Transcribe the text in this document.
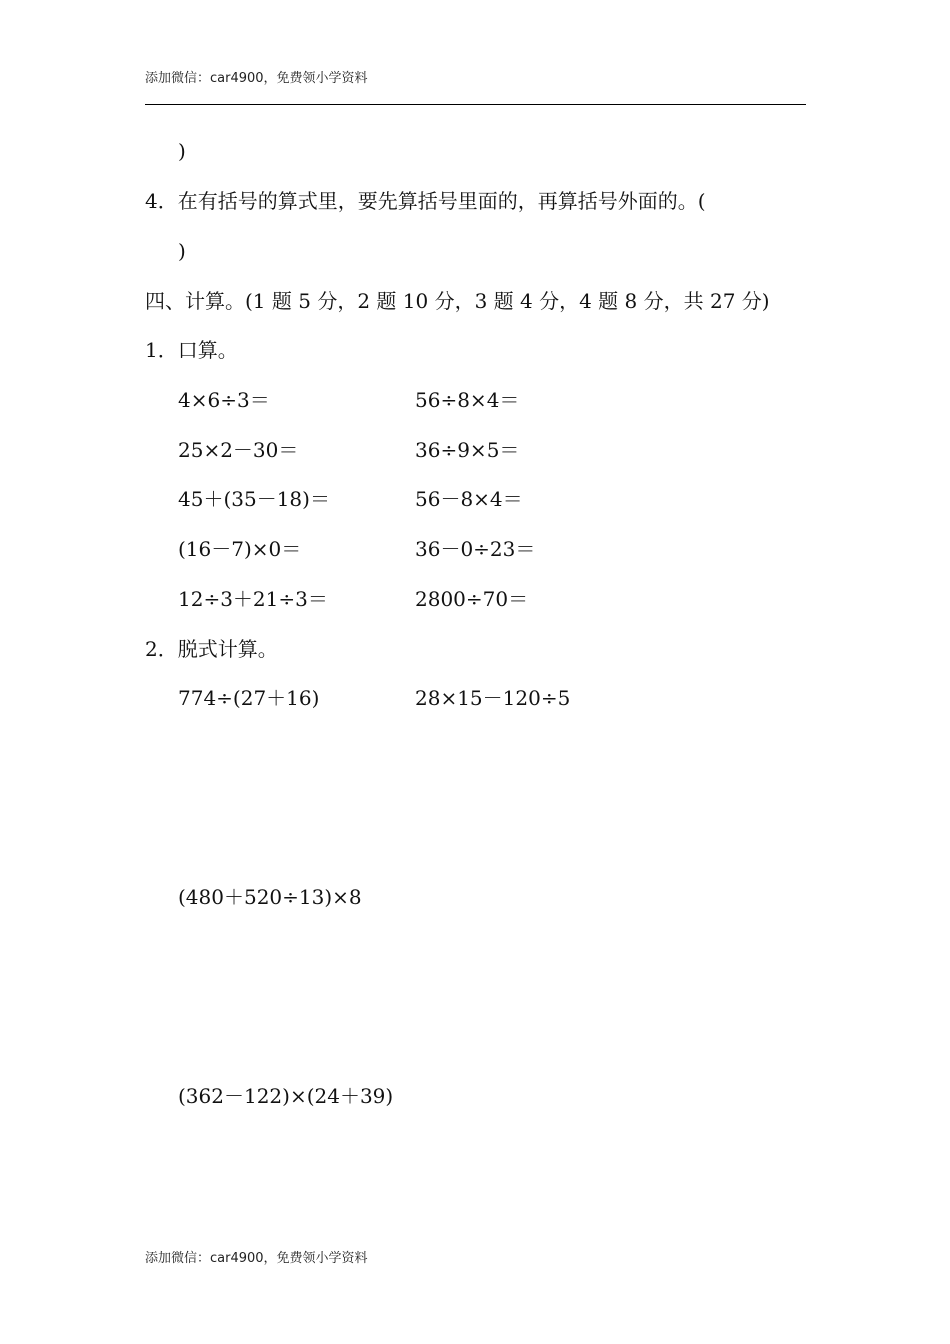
添加微信：car4900，免费领小学资料
)
4．在有括号的算式里，要先算括号里面的，再算括号外面的。(
)
四、计算。(1 题 5 分，2 题 10 分，3 题 4 分，4 题 8 分，共 27 分)
1．口算。
4×6÷3＝	56÷8×4＝
25×2－30＝	36÷9×5＝
45＋(35－18)＝	56－8×4＝
(16－7)×0＝	36－0÷23＝
12÷3＋21÷3＝	2800÷70＝
2．脱式计算。
774÷(27＋16)	28×15－120÷5
(480＋520÷13)×8
(362－122)×(24＋39)
添加微信：car4900，免费领小学资料
